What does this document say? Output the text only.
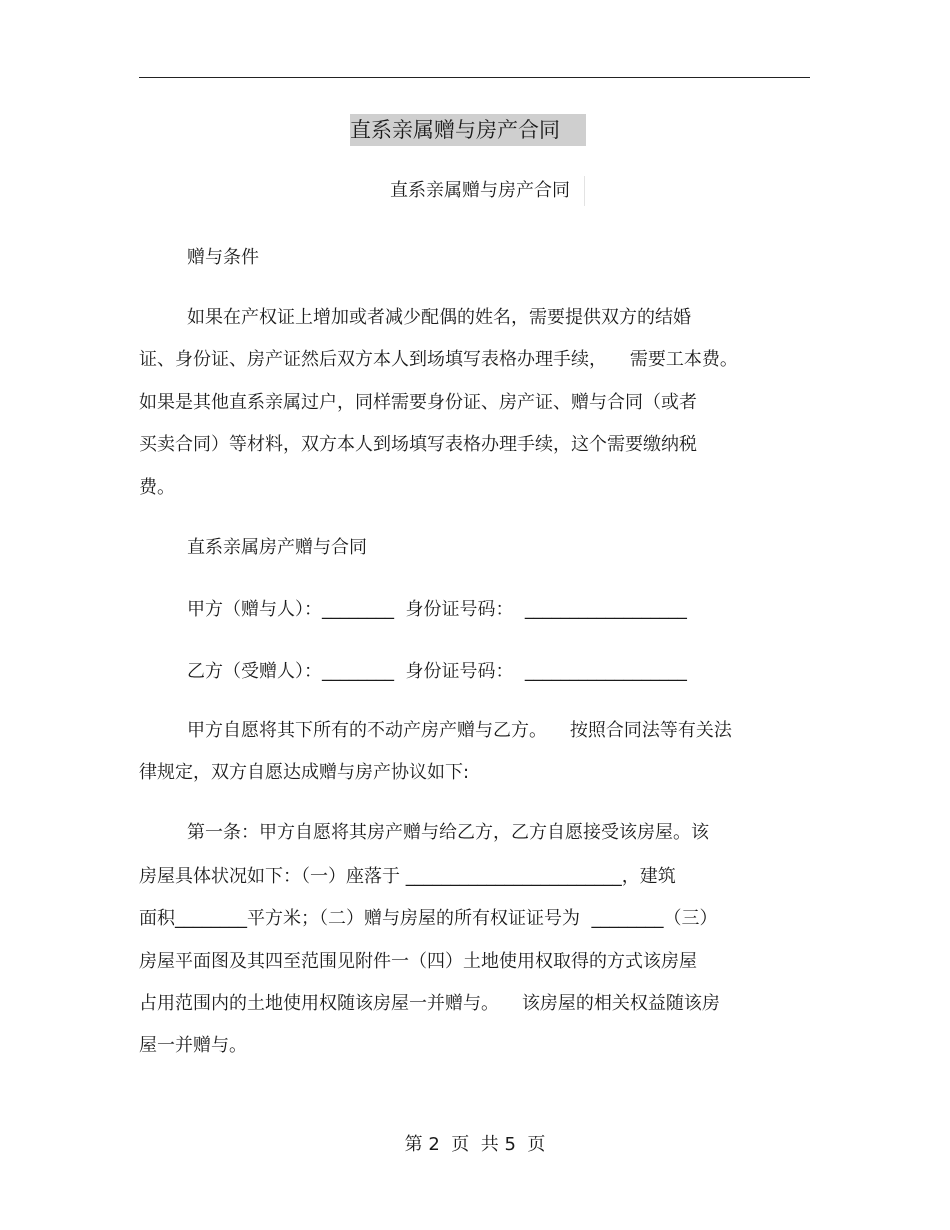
直系亲属赠与房产合同
直系亲属赠与房产合同
赠与条件
如果在产权证上增加或者减少配偶的姓名，需要提供双方的结婚
证、身份证、房产证然后双方本人到场填写表格办理手续，    需要工本费。
如果是其他直系亲属过户，同样需要身份证、房产证、赠与合同（或者
买卖合同）等材料，双方本人到场填写表格办理手续，这个需要缴纳税
费。
直系亲属房产赠与合同
甲方（赠与人）：________  身份证号码：  __________________
乙方（受赠人）：________  身份证号码：  __________________
甲方自愿将其下所有的不动产房产赠与乙方。    按照合同法等有关法
律规定，双方自愿达成赠与房产协议如下:
第一条：甲方自愿将其房产赠与给乙方，乙方自愿接受该房屋。该
房屋具体状况如下：（一）座落于 ________________________，建筑
面积________平方米；（二）赠与房屋的所有权证证号为  ________（三）
房屋平面图及其四至范围见附件一（四）土地使用权取得的方式该房屋
占用范围内的土地使用权随该房屋一并赠与。    该房屋的相关权益随该房
屋一并赠与。
第 2  页  共 5  页
